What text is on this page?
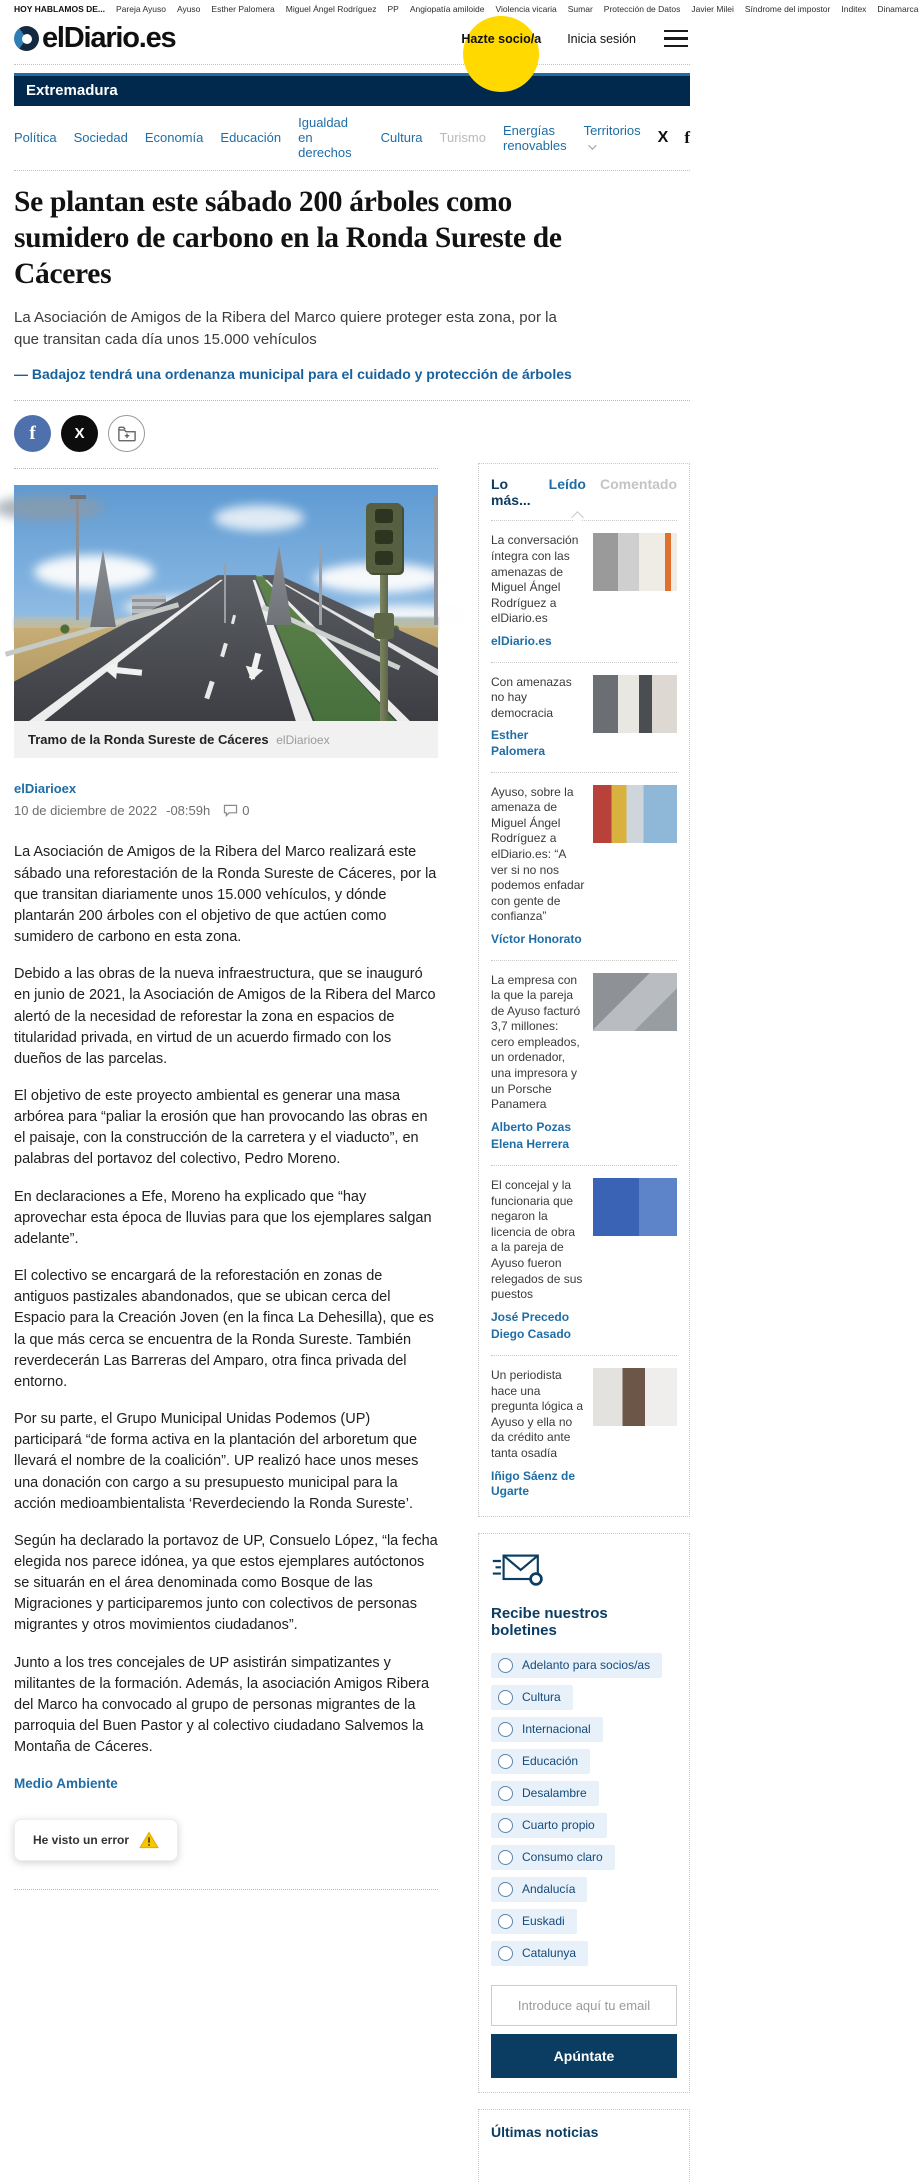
HOY HABLAMOS DE... Pareja Ayuso Ayuso Esther Palomera Miguel Ángel Rodríguez PP Angiopatía amiloide Violencia vicaria Sumar Protección de Datos Javier Milei Síndrome del impostor Inditex Dinamarca
elDiario.es	Hazte socio/a Inicia sesión
Extremadura
Política Sociedad Economía Educación
Igualdad en derechos
Cultura Turismo Energías renovables
Territorios X f
Se plantan este sábado 200 árboles como sumidero de carbono en la Ronda Sureste de Cáceres

La Asociación de Amigos de la Ribera del Marco quiere proteger esta zona, por la que transitan cada día unos 15.000 vehículos

— Badajoz tendrá una ordenanza municipal para el cuidado y protección de árboles
f	X
Tramo de la Ronda Sureste de Cáceres elDiarioex
elDiarioex
10 de diciembre de 2022 -08:59h 0

La Asociación de Amigos de la Ribera del Marco realizará este sábado una reforestación de la Ronda Sureste de Cáceres, por la que transitan diariamente unos 15.000 vehículos, y dónde plantarán 200 árboles con el objetivo de que actúen como sumidero de carbono en esta zona.

Debido a las obras de la nueva infraestructura, que se inauguró en junio de 2021, la Asociación de Amigos de la Ribera del Marco alertó de la necesidad de reforestar la zona en espacios de titularidad privada, en virtud de un acuerdo firmado con los dueños de las parcelas.

El objetivo de este proyecto ambiental es generar una masa arbórea para “paliar la erosión que han provocando las obras en el paisaje, con la construcción de la carretera y el viaducto”, en palabras del portavoz del colectivo, Pedro Moreno.

En declaraciones a Efe, Moreno ha explicado que “hay aprovechar esta época de lluvias para que los ejemplares salgan adelante”.

El colectivo se encargará de la reforestación en zonas de antiguos pastizales abandonados, que se ubican cerca del Espacio para la Creación Joven (en la finca La Dehesilla), que es la que más cerca se encuentra de la Ronda Sureste. También reverdecerán Las Barreras del Amparo, otra finca privada del entorno.

Por su parte, el Grupo Municipal Unidas Podemos (UP) participará “de forma activa en la plantación del arboretum que llevará el nombre de la coalición”. UP realizó hace unos meses una donación con cargo a su presupuesto municipal para la acción medioambientalista ‘Reverdeciendo la Ronda Sureste’.

Según ha declarado la portavoz de UP, Consuelo López, “la fecha elegida nos parece idónea, ya que estos ejemplares autóctonos se situarán en el área denominada como Bosque de las Migraciones y participaremos junto con colectivos de personas migrantes y otros movimientos ciudadanos”.

Junto a los tres concejales de UP asistirán simpatizantes y militantes de la formación. Además, la asociación Amigos Ribera del Marco ha convocado al grupo de personas migrantes de la parroquia del Buen Pastor y al colectivo ciudadano Salvemos la Montaña de Cáceres.

Medio Ambiente

He visto un error
Lo más...
Leído Comentado
La conversación íntegra con las amenazas de Miguel Ángel Rodríguez a elDiario.es
elDiario.es
Con amenazas no hay democracia
Esther Palomera
Ayuso, sobre la amenaza de Miguel Ángel Rodríguez a elDiario.es: “A ver si no nos podemos enfadar con gente de confianza”
Víctor Honorato
La empresa con la que la pareja de Ayuso facturó 3,7 millones: cero empleados, un ordenador, una impresora y un Porsche Panamera
Alberto Pozas
Elena Herrera
El concejal y la funcionaria que negaron la licencia de obra a la pareja de Ayuso fueron relegados de sus puestos
José Precedo
Diego Casado
Un periodista hace una pregunta lógica a Ayuso y ella no da crédito ante tanta osadía
Iñigo Sáenz de Ugarte
Recibe nuestros boletines
Adelanto para socios/as
Cultura
Internacional
Educación
Desalambre
Cuarto propio
Consumo claro
Andalucía
Euskadi
Catalunya
Introduce aquí tu email Apúntate
Últimas noticias
